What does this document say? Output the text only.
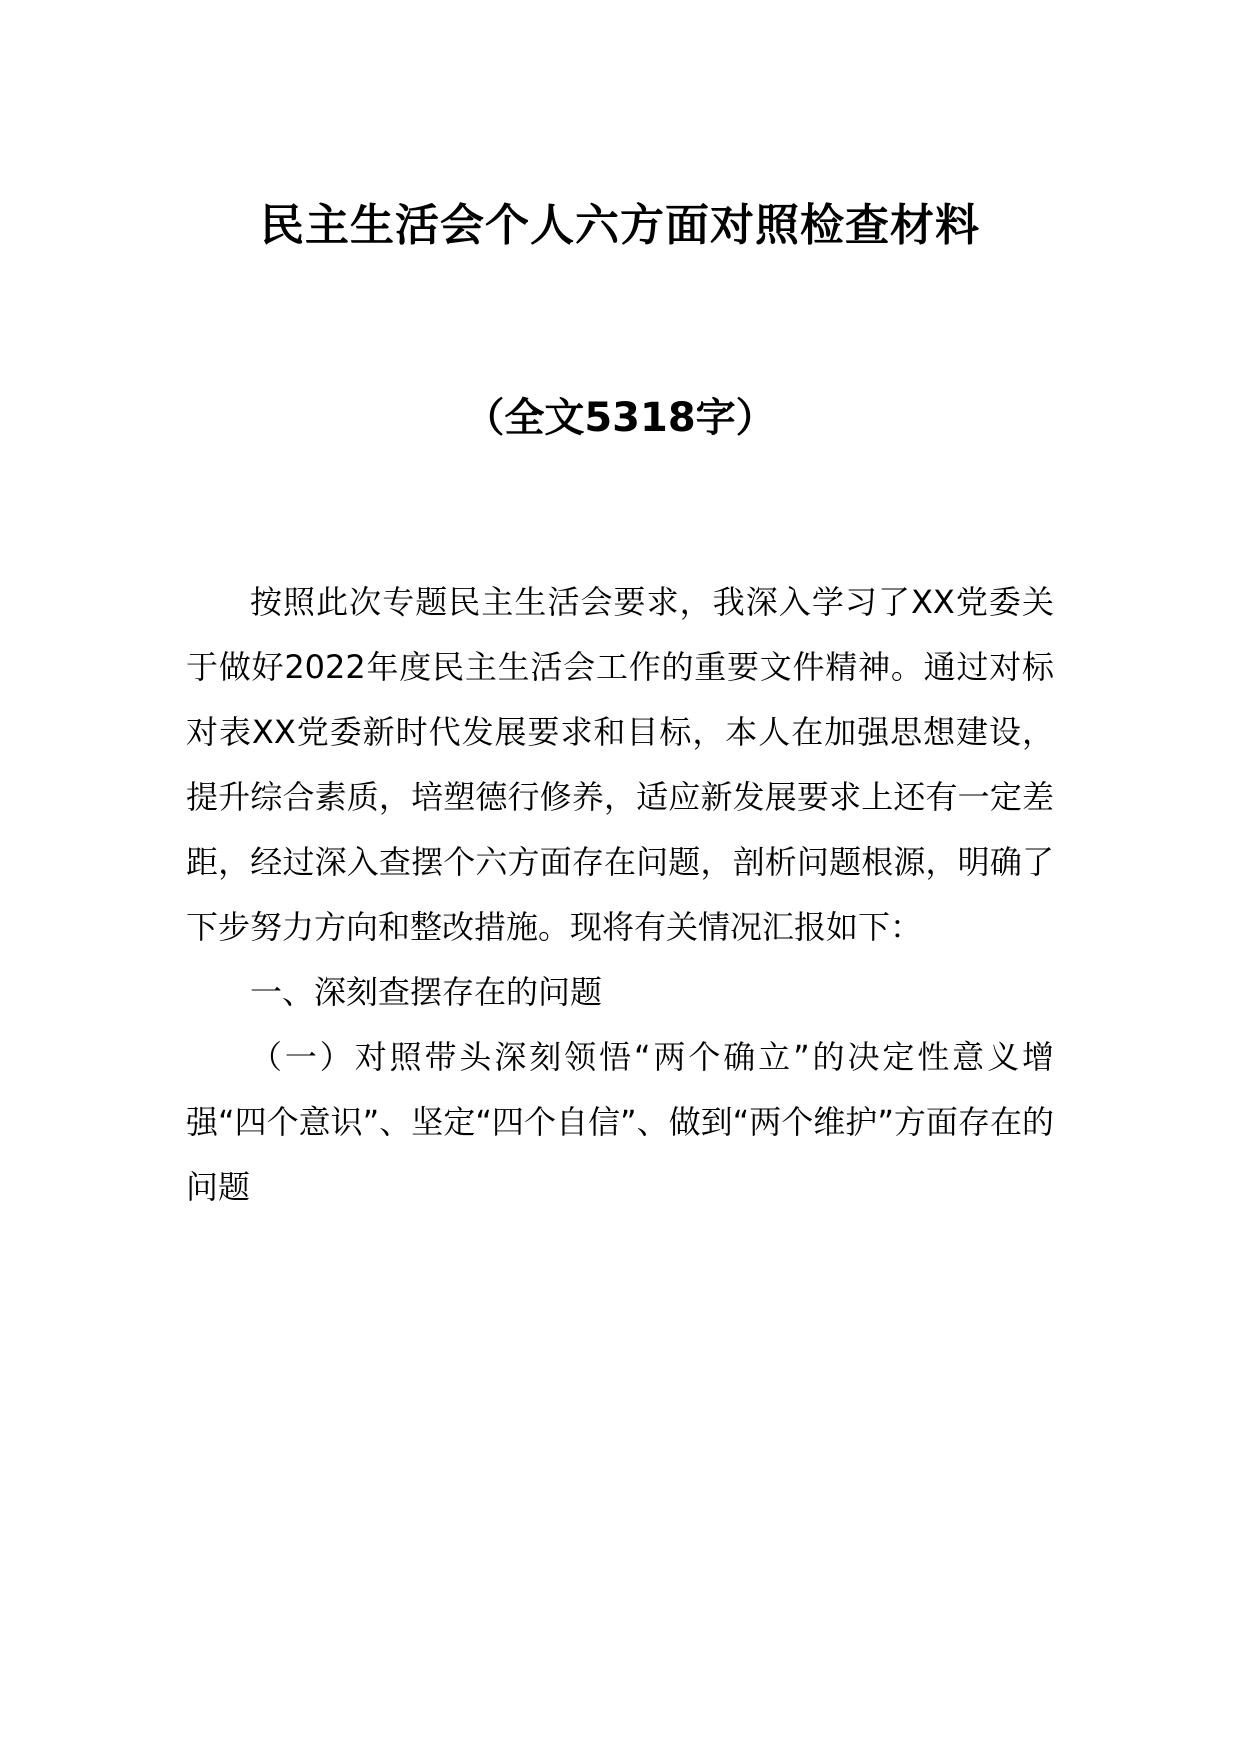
民主生活会个人六方面对照检查材料
（全文5318字）

按照此次专题民主生活会要求，我深入学习了XX党委关于做好2022年度民主生活会工作的重要文件精神。通过对标对表XX党委新时代发展要求和目标，本人在加强思想建设，提升综合素质，培塑德行修养，适应新发展要求上还有一定差距，经过深入查摆个六方面存在问题，剖析问题根源，明确了下步努力方向和整改措施。现将有关情况汇报如下：

一、深刻查摆存在的问题

（一）对照带头深刻领悟“两个确立”的决定性意义增强“四个意识”、坚定“四个自信”、做到“两个维护”方面存在的问题
